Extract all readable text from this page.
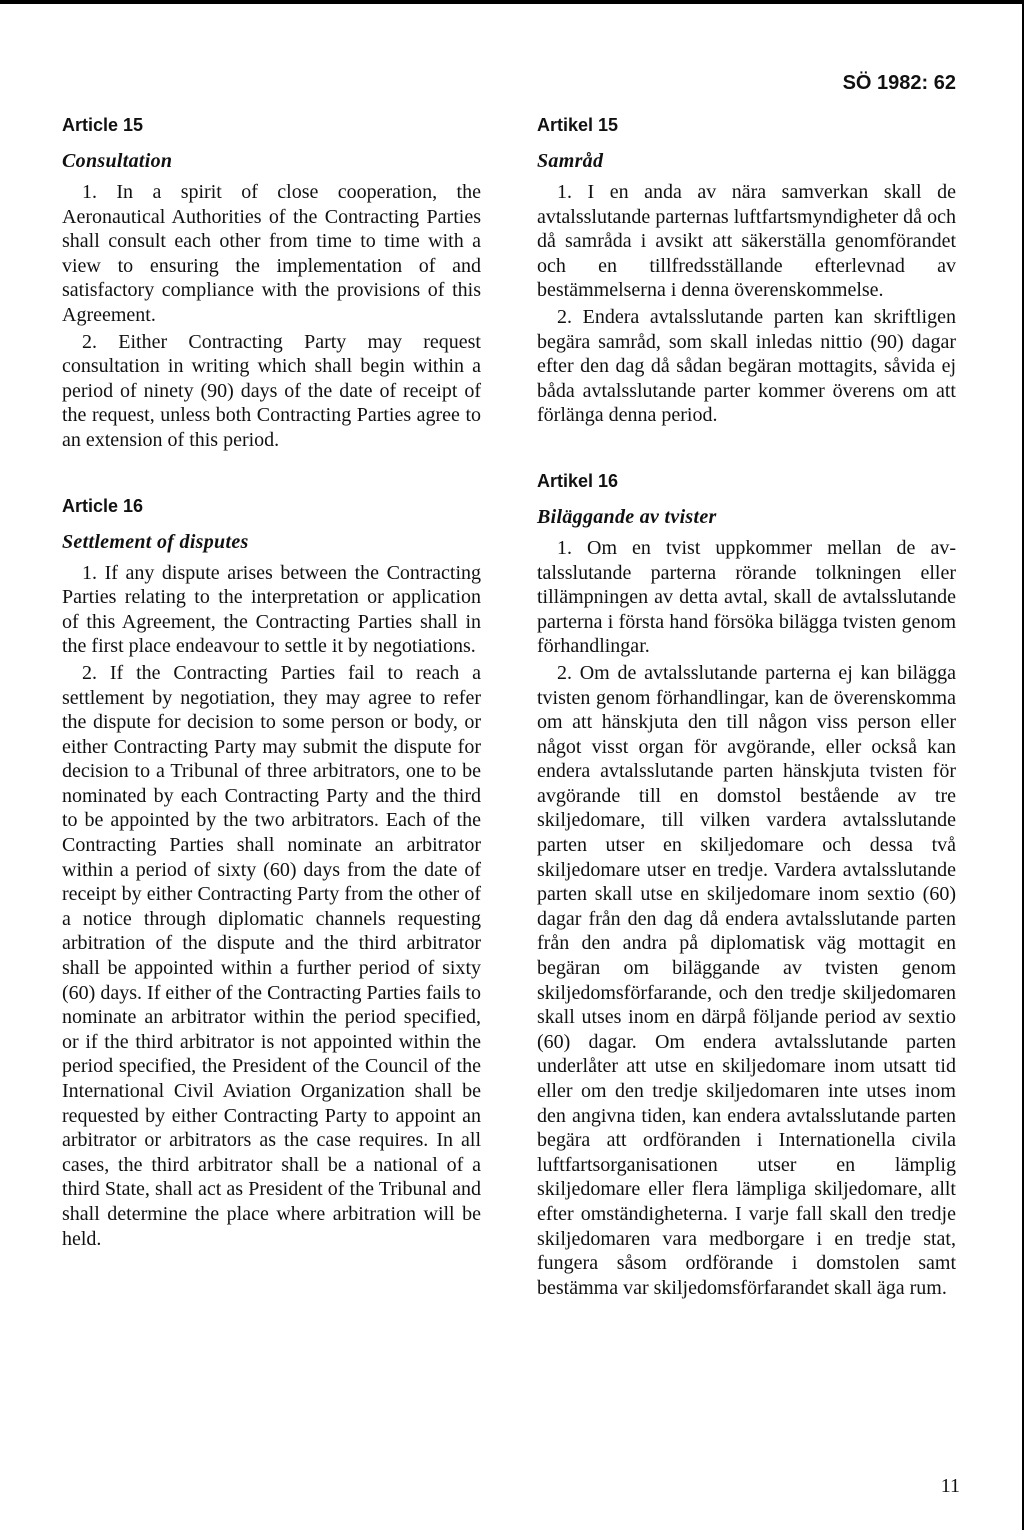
SÖ 1982: 62

Article 15
Consultation

1. In a spirit of close cooperation, the Aeronautical Authorities of the Contracting Parties shall consult each other from time to time with a view to ensuring the implementation of and satisfactory compliance with the provisions of this Agreement.

2. Either Contracting Party may request consultation in writing which shall begin within a period of ninety (90) days of the date of receipt of the request, unless both Contracting Parties agree to an extension of this period.

Article 16
Settlement of disputes

1. If any dispute arises between the Contracting Parties relating to the interpretation or application of this Agreement, the Contracting Parties shall in the first place endeavour to settle it by negotiations.

2. If the Contracting Parties fail to reach a settlement by negotiation, they may agree to refer the dispute for decision to some person or body, or either Contracting Party may submit the dispute for decision to a Tribunal of three arbitrators, one to be nominated by each Contracting Party and the third to be appointed by the two arbitrators. Each of the Contracting Parties shall nominate an arbitrator within a period of sixty (60) days from the date of receipt by either Contracting Party from the other of a notice through diplomatic channels requesting arbitration of the dispute and the third arbitrator shall be appointed within a further period of sixty (60) days. If either of the Contracting Parties fails to nominate an arbitrator within the period specified, or if the third arbitrator is not appointed within the period specified, the President of the Council of the International Civil Aviation Organization shall be requested by either Contracting Party to appoint an arbitrator or arbitrators as the case requires. In all cases, the third arbitrator shall be a national of a third State, shall act as President of the Tribunal and shall determine the place where arbitration will be held.

Artikel 15
Samråd

1. I en anda av nära samverkan skall de avtalsslutande parternas luftfartsmyndigheter då och då samråda i avsikt att säkerställa genomförandet och en tillfredsställande efterlevnad av bestämmelserna i denna överenskommelse.

2. Endera avtalsslutande parten kan skriftligen begära samråd, som skall inledas nittio (90) dagar efter den dag då sådan begäran mottagits, såvida ej båda avtalsslutande parter kommer överens om att förlänga denna period.

Artikel 16
Biläggande av tvister

1. Om en tvist uppkommer mellan de avtalsslutande parterna rörande tolkningen eller tillämpningen av detta avtal, skall de avtalsslutande parterna i första hand försöka bilägga tvisten genom förhandlingar.

2. Om de avtalsslutande parterna ej kan bilägga tvisten genom förhandlingar, kan de överenskomma om att hänskjuta den till någon viss person eller något visst organ för avgörande, eller också kan endera avtalsslutande parten hänskjuta tvisten för avgörande till en domstol bestående av tre skiljedomare, till vilken vardera avtalsslutande parten utser en skiljedomare och dessa två skiljedomare utser en tredje. Vardera avtalsslutande parten skall utse en skiljedomare inom sextio (60) dagar från den dag då endera avtalsslutande parten från den andra på diplomatisk väg mottagit en begäran om biläggande av tvisten genom skiljedomsförfarande, och den tredje skiljedomaren skall utses inom en därpå följande period av sextio (60) dagar. Om endera avtalsslutande parten underlåter att utse en skiljedomare inom utsatt tid eller om den tredje skiljedomaren inte utses inom den angivna tiden, kan endera avtalsslutande parten begära att ordföranden i Internationella civila luftfartsorganisationen utser en lämplig skiljedomare eller flera lämpliga skiljedomare, allt efter omständigheterna. I varje fall skall den tredje skiljedomaren vara medborgare i en tredje stat, fungera såsom ordförande i domstolen samt bestämma var skiljedomsförfarandet skall äga rum.

11
